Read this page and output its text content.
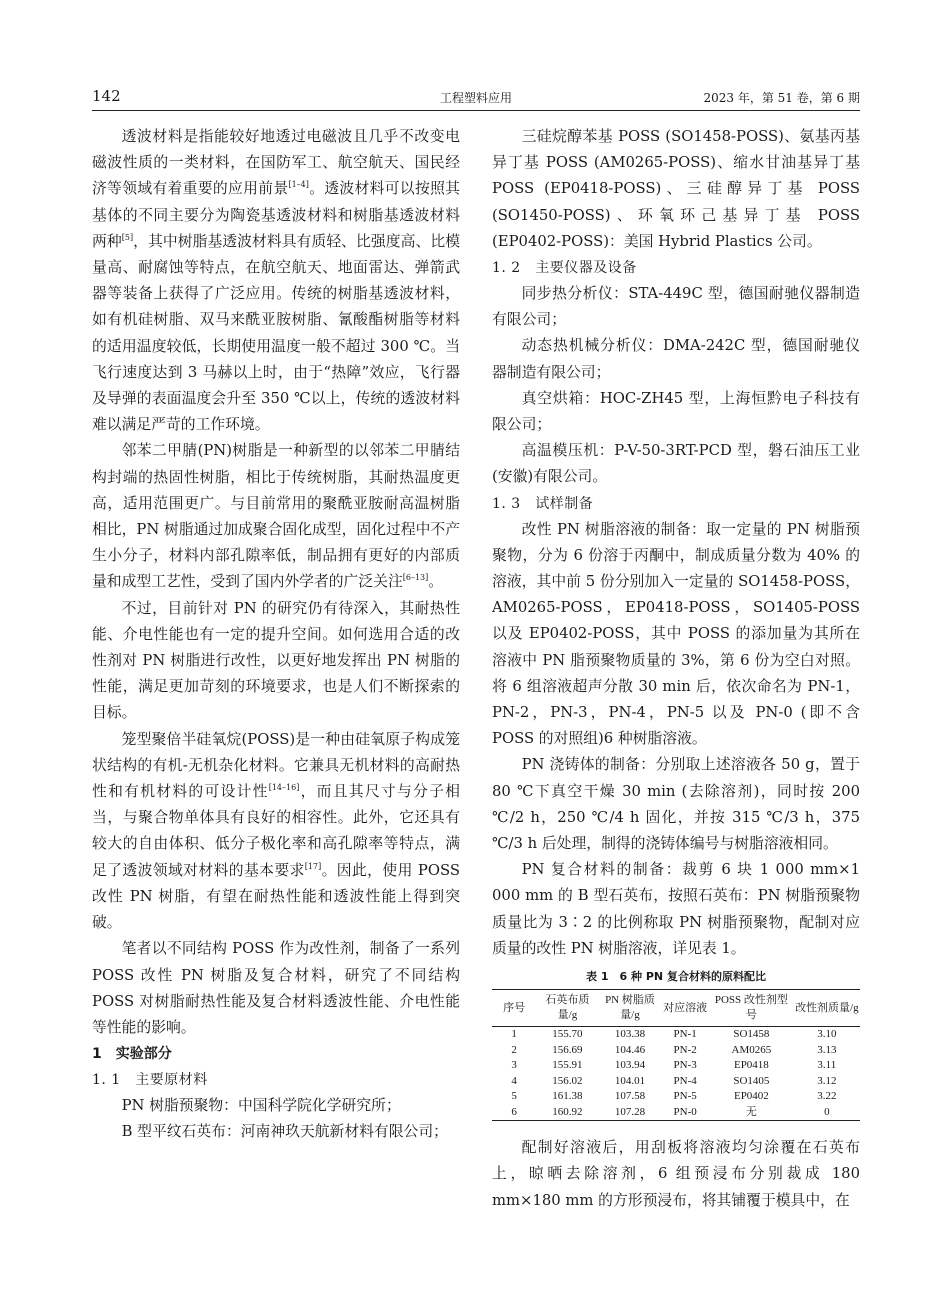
142	工程塑料应用	2023 年，第 51 卷，第 6 期

透波材料是指能较好地透过电磁波且几乎不改变电磁波性质的一类材料，在国防军工、航空航天、国民经济等领域有着重要的应用前景[1–4]。透波材料可以按照其基体的不同主要分为陶瓷基透波材料和树脂基透波材料两种[5]，其中树脂基透波材料具有质轻、比强度高、比模量高、耐腐蚀等特点，在航空航天、地面雷达、弹箭武器等装备上获得了广泛应用。传统的树脂基透波材料，如有机硅树脂、双马来酰亚胺树脂、氰酸酯树脂等材料的适用温度较低，长期使用温度一般不超过 300 ℃。当飞行速度达到 3 马赫以上时，由于“热障”效应，飞行器及导弹的表面温度会升至 350 ℃以上，传统的透波材料难以满足严苛的工作环境。

邻苯二甲腈(PN)树脂是一种新型的以邻苯二甲腈结构封端的热固性树脂，相比于传统树脂，其耐热温度更高，适用范围更广。与目前常用的聚酰亚胺耐高温树脂相比，PN 树脂通过加成聚合固化成型，固化过程中不产生小分子，材料内部孔隙率低，制品拥有更好的内部质量和成型工艺性，受到了国内外学者的广泛关注[6–13]。

不过，目前针对 PN 的研究仍有待深入，其耐热性能、介电性能也有一定的提升空间。如何选用合适的改性剂对 PN 树脂进行改性，以更好地发挥出 PN 树脂的性能，满足更加苛刻的环境要求，也是人们不断探索的目标。

笼型聚倍半硅氧烷(POSS)是一种由硅氧原子构成笼状结构的有机-无机杂化材料。它兼具无机材料的高耐热性和有机材料的可设计性[14–16]，而且其尺寸与分子相当，与聚合物单体具有良好的相容性。此外，它还具有较大的自由体积、低分子极化率和高孔隙率等特点，满足了透波领域对材料的基本要求[17]。因此，使用 POSS 改性 PN 树脂，有望在耐热性能和透波性能上得到突破。

笔者以不同结构 POSS 作为改性剂，制备了一系列 POSS 改性 PN 树脂及复合材料，研究了不同结构 POSS 对树脂耐热性能及复合材料透波性能、介电性能等性能的影响。

1　实验部分
1. 1　主要原材料

PN 树脂预聚物：中国科学院化学研究所；

B 型平纹石英布：河南神玖天航新材料有限公司；

三硅烷醇苯基 POSS (SO1458-POSS)、氨基丙基异丁基 POSS (AM0265-POSS)、缩水甘油基异丁基 POSS (EP0418-POSS)、三硅醇异丁基 POSS (SO1450-POSS)、环氧环己基异丁基 POSS (EP0402-POSS)：美国 Hybrid Plastics 公司。

1. 2　主要仪器及设备

同步热分析仪：STA-449C 型，德国耐驰仪器制造有限公司；

动态热机械分析仪：DMA-242C 型，德国耐驰仪器制造有限公司；

真空烘箱：HOC-ZH45 型，上海恒黔电子科技有限公司；

高温模压机：P-V-50-3RT-PCD 型，磐石油压工业(安徽)有限公司。

1. 3　试样制备

改性 PN 树脂溶液的制备：取一定量的 PN 树脂预聚物，分为 6 份溶于丙酮中，制成质量分数为 40% 的溶液，其中前 5 份分别加入一定量的 SO1458-POSS，AM0265-POSS，EP0418-POSS，SO1405-POSS 以及 EP0402-POSS，其中 POSS 的添加量为其所在溶液中 PN 脂预聚物质量的 3%，第 6 份为空白对照。将 6 组溶液超声分散 30 min 后，依次命名为 PN-1，PN-2，PN-3，PN-4，PN-5 以及 PN-0 (即不含 POSS 的对照组)6 种树脂溶液。

PN 浇铸体的制备：分别取上述溶液各 50 g，置于 80 ℃下真空干燥 30 min (去除溶剂)，同时按 200 ℃/2 h，250 ℃/4 h 固化，并按 315 ℃/3 h，375 ℃/3 h 后处理，制得的浇铸体编号与树脂溶液相同。

PN 复合材料的制备：裁剪 6 块 1 000 mm×1 000 mm 的 B 型石英布，按照石英布：PN 树脂预聚物质量比为 3∶2 的比例称取 PN 树脂预聚物，配制对应质量的改性 PN 树脂溶液，详见表 1。

表 1　6 种 PN 复合材料的原料配比
序号	石英布质量/g	PN 树脂质量/g	对应溶液	POSS 改性剂型号	改性剂质量/g
1	155.70	103.38	PN-1	SO1458	3.10
2	156.69	104.46	PN-2	AM0265	3.13
3	155.91	103.94	PN-3	EP0418	3.11
4	156.02	104.01	PN-4	SO1405	3.12
5	161.38	107.58	PN-5	EP0402	3.22
6	160.92	107.28	PN-0	无	0

配制好溶液后，用刮板将溶液均匀涂覆在石英布上，晾晒去除溶剂，6 组预浸布分别裁成 180 mm×180 mm 的方形预浸布，将其铺覆于模具中，在
